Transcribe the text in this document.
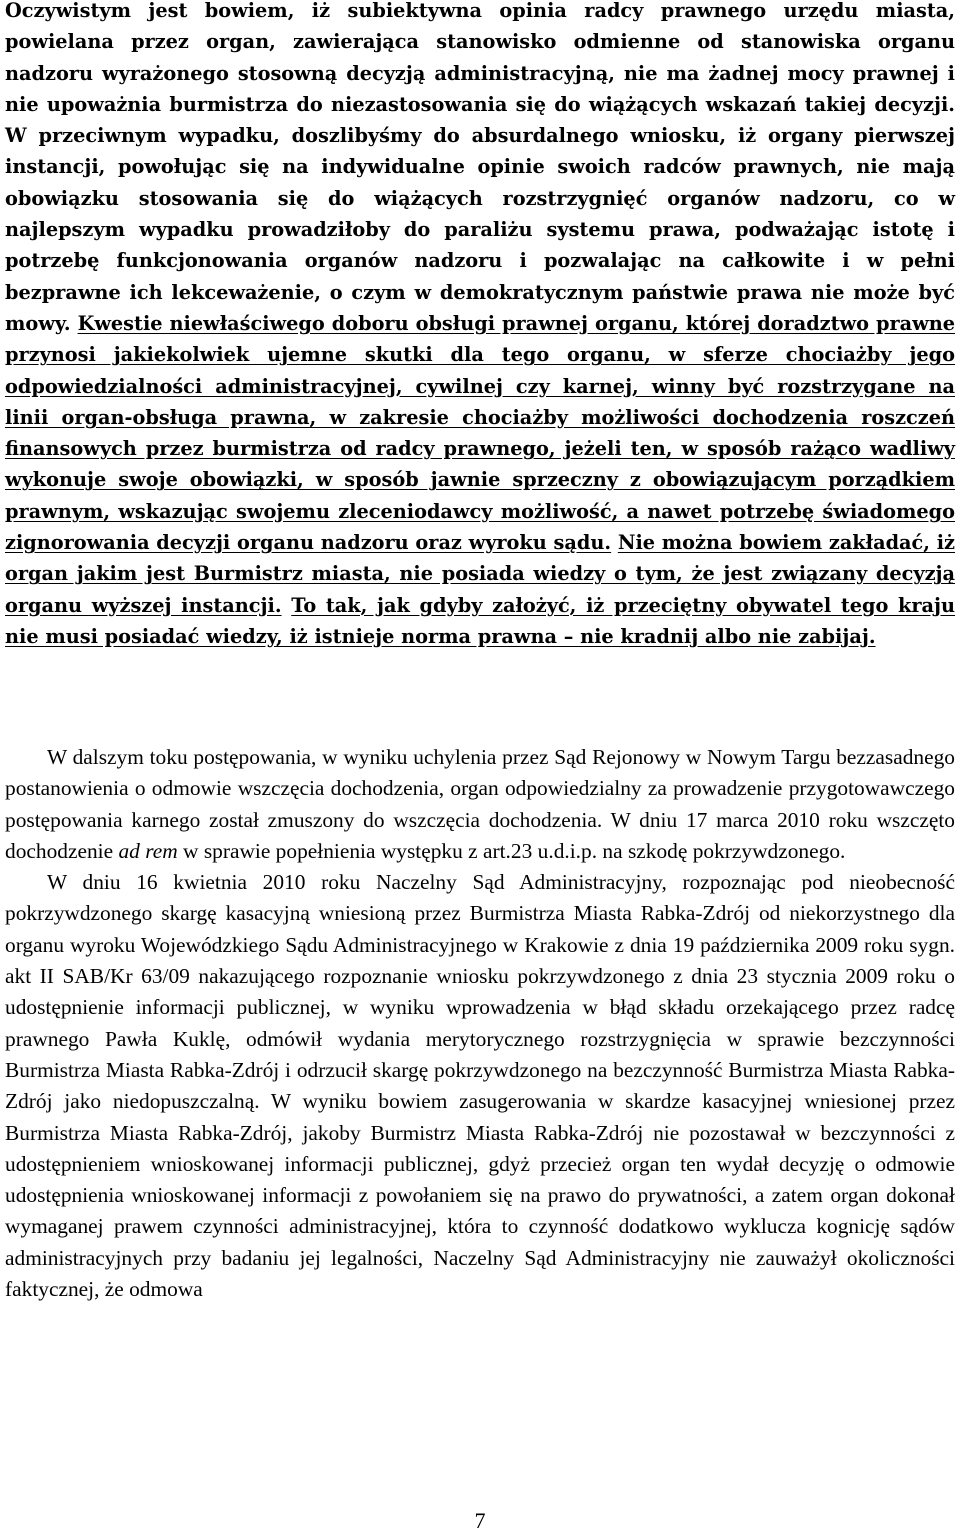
Oczywistym jest bowiem, iż subiektywna opinia radcy prawnego urzędu miasta, powielana przez organ, zawierająca stanowisko odmienne od stanowiska organu nadzoru wyrażonego stosowną decyzją administracyjną, nie ma żadnej mocy prawnej i nie upoważnia burmistrza do niezastosowania się do wiążących wskazań takiej decyzji. W przeciwnym wypadku, doszlibyśmy do absurdalnego wniosku, iż organy pierwszej instancji, powołując się na indywidualne opinie swoich radców prawnych, nie mają obowiązku stosowania się do wiążących rozstrzygnięć organów nadzoru, co w najlepszym wypadku prowadziłoby do paraliżu systemu prawa, podważając istotę i potrzebę funkcjonowania organów nadzoru i pozwalając na całkowite i w pełni bezprawne ich lekceważenie, o czym w demokratycznym państwie prawa nie może być mowy. Kwestie niewłaściwego doboru obsługi prawnej organu, której doradztwo prawne przynosi jakiekolwiek ujemne skutki dla tego organu, w sferze chociażby jego odpowiedzialności administracyjnej, cywilnej czy karnej, winny być rozstrzygane na linii organ-obsługa prawna, w zakresie chociażby możliwości dochodzenia roszczeń finansowych przez burmistrza od radcy prawnego, jeżeli ten, w sposób rażąco wadliwy wykonuje swoje obowiązki, w sposób jawnie sprzeczny z obowiązującym porządkiem prawnym, wskazując swojemu zleceniodawcy możliwość, a nawet potrzebę świadomego zignorowania decyzji organu nadzoru oraz wyroku sądu. Nie można bowiem zakładać, iż organ jakim jest Burmistrz miasta, nie posiada wiedzy o tym, że jest związany decyzją organu wyższej instancji. To tak, jak gdyby założyć, iż przeciętny obywatel tego kraju nie musi posiadać wiedzy, iż istnieje norma prawna – nie kradnij albo nie zabijaj.

W dalszym toku postępowania, w wyniku uchylenia przez Sąd Rejonowy w Nowym Targu bezzasadnego postanowienia o odmowie wszczęcia dochodzenia, organ odpowiedzialny za prowadzenie przygotowawczego postępowania karnego został zmuszony do wszczęcia dochodzenia. W dniu 17 marca 2010 roku wszczęto dochodzenie ad rem w sprawie popełnienia występku z art.23 u.d.i.p. na szkodę pokrzywdzonego.

W dniu 16 kwietnia 2010 roku Naczelny Sąd Administracyjny, rozpoznając pod nieobecność pokrzywdzonego skargę kasacyjną wniesioną przez Burmistrza Miasta Rabka-Zdrój od niekorzystnego dla organu wyroku Wojewódzkiego Sądu Administracyjnego w Krakowie z dnia 19 października 2009 roku sygn. akt II SAB/Kr 63/09 nakazującego rozpoznanie wniosku pokrzywdzonego z dnia 23 stycznia 2009 roku o udostępnienie informacji publicznej, w wyniku wprowadzenia w błąd składu orzekającego przez radcę prawnego Pawła Kuklę, odmówił wydania merytorycznego rozstrzygnięcia w sprawie bezczynności Burmistrza Miasta Rabka-Zdrój i odrzucił skargę pokrzywdzonego na bezczynność Burmistrza Miasta Rabka-Zdrój jako niedopuszczalną. W wyniku bowiem zasugerowania w skardze kasacyjnej wniesionej przez Burmistrza Miasta Rabka-Zdrój, jakoby Burmistrz Miasta Rabka-Zdrój nie pozostawał w bezczynności z udostępnieniem wnioskowanej informacji publicznej, gdyż przecież organ ten wydał decyzję o odmowie udostępnienia wnioskowanej informacji z powołaniem się na prawo do prywatności, a zatem organ dokonał wymaganej prawem czynności administracyjnej, która to czynność dodatkowo wyklucza kognicję sądów administracyjnych przy badaniu jej legalności, Naczelny Sąd Administracyjny nie zauważył okoliczności faktycznej, że odmowa

7
